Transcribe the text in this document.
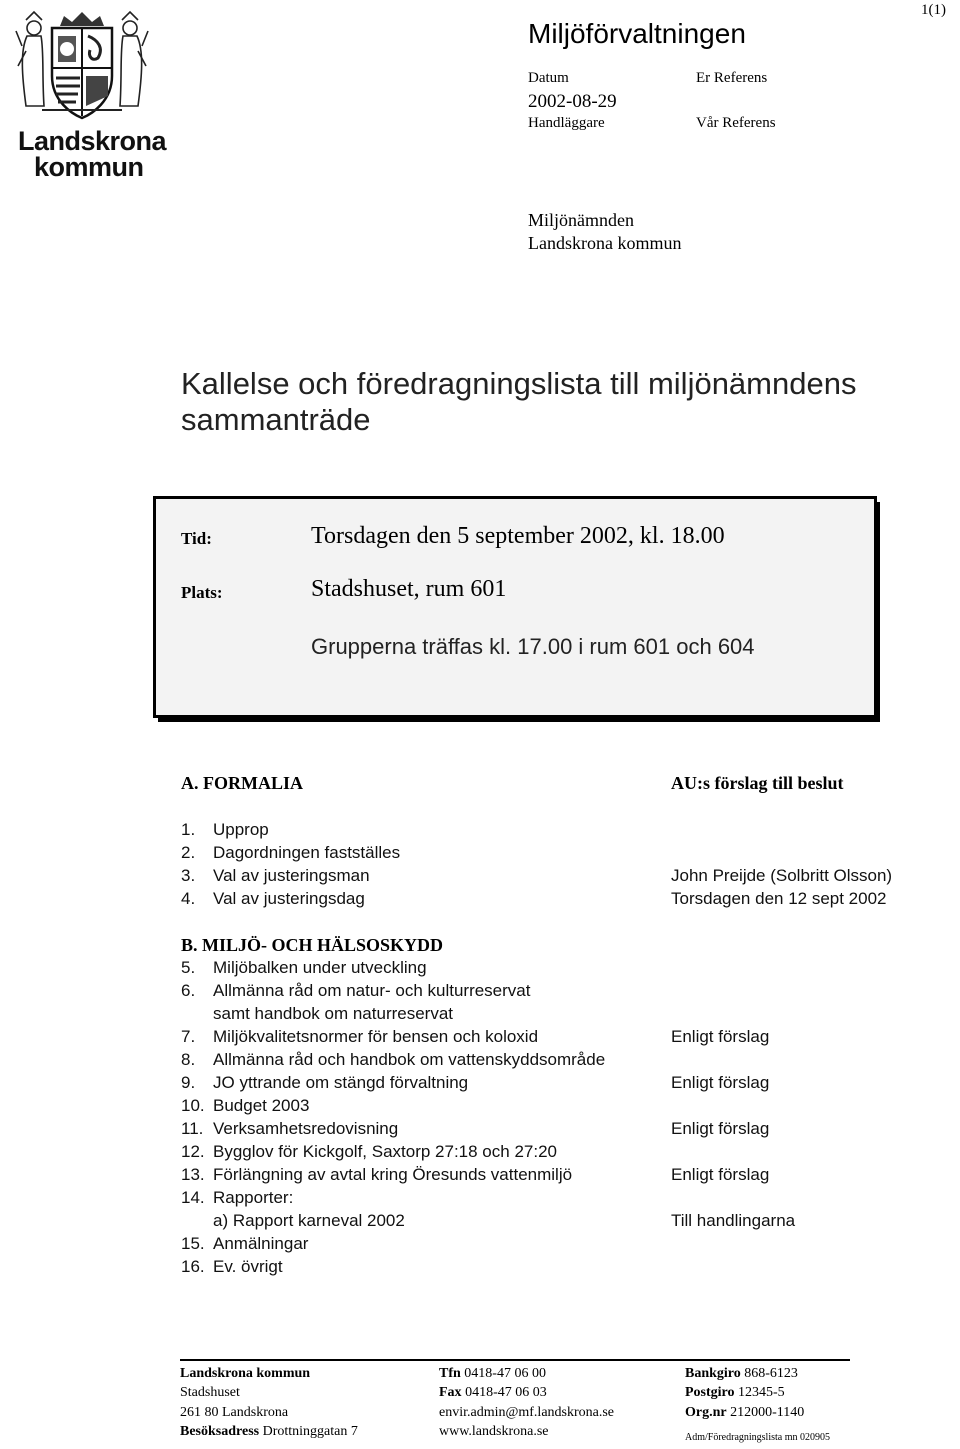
Landskrona
kommun
1(1)
Miljöförvaltningen
Datum	Er Referens
2002-08-29
Handläggare	Vår Referens
Miljönämnden
Landskrona kommun
Kallelse och föredragningslista till miljönämndens
sammanträde
Tid:	Torsdagen den 5 september 2002, kl. 18.00
Plats:	Stadshuset, rum 601
Grupperna träffas kl. 17.00 i rum 601 och 604
A. FORMALIA	AU:s förslag till beslut
1. Upprop
2. Dagordningen fastställes
3. Val av justeringsman	John Preijde (Solbritt Olsson)
4. Val av justeringsdag	Torsdagen den 12 sept 2002
B. MILJÖ- OCH HÄLSOSKYDD
5. Miljöbalken under utveckling
6. Allmänna råd om natur- och kulturreservat
samt handbok om naturreservat
7. Miljökvalitetsnormer för bensen och koloxid	Enligt förslag
8. Allmänna råd och handbok om vattenskyddsområde
9. JO yttrande om stängd förvaltning	Enligt förslag
10. Budget 2003
11. Verksamhetsredovisning	Enligt förslag
12. Bygglov för Kickgolf, Saxtorp 27:18 och 27:20
13. Förlängning av avtal kring Öresunds vattenmiljö	Enligt förslag
14. Rapporter:
a) Rapport karneval 2002	Till handlingarna
15. Anmälningar
16. Ev. övrigt
Landskrona kommun
Stadshuset
261 80 Landskrona
Besöksadress Drottninggatan 7
Tfn 0418-47 06 00
Fax 0418-47 06 03
envir.admin@mf.landskrona.se
www.landskrona.se
Bankgiro 868-6123
Postgiro 12345-5
Org.nr 212000-1140
Adm/Föredragningslista mn 020905
